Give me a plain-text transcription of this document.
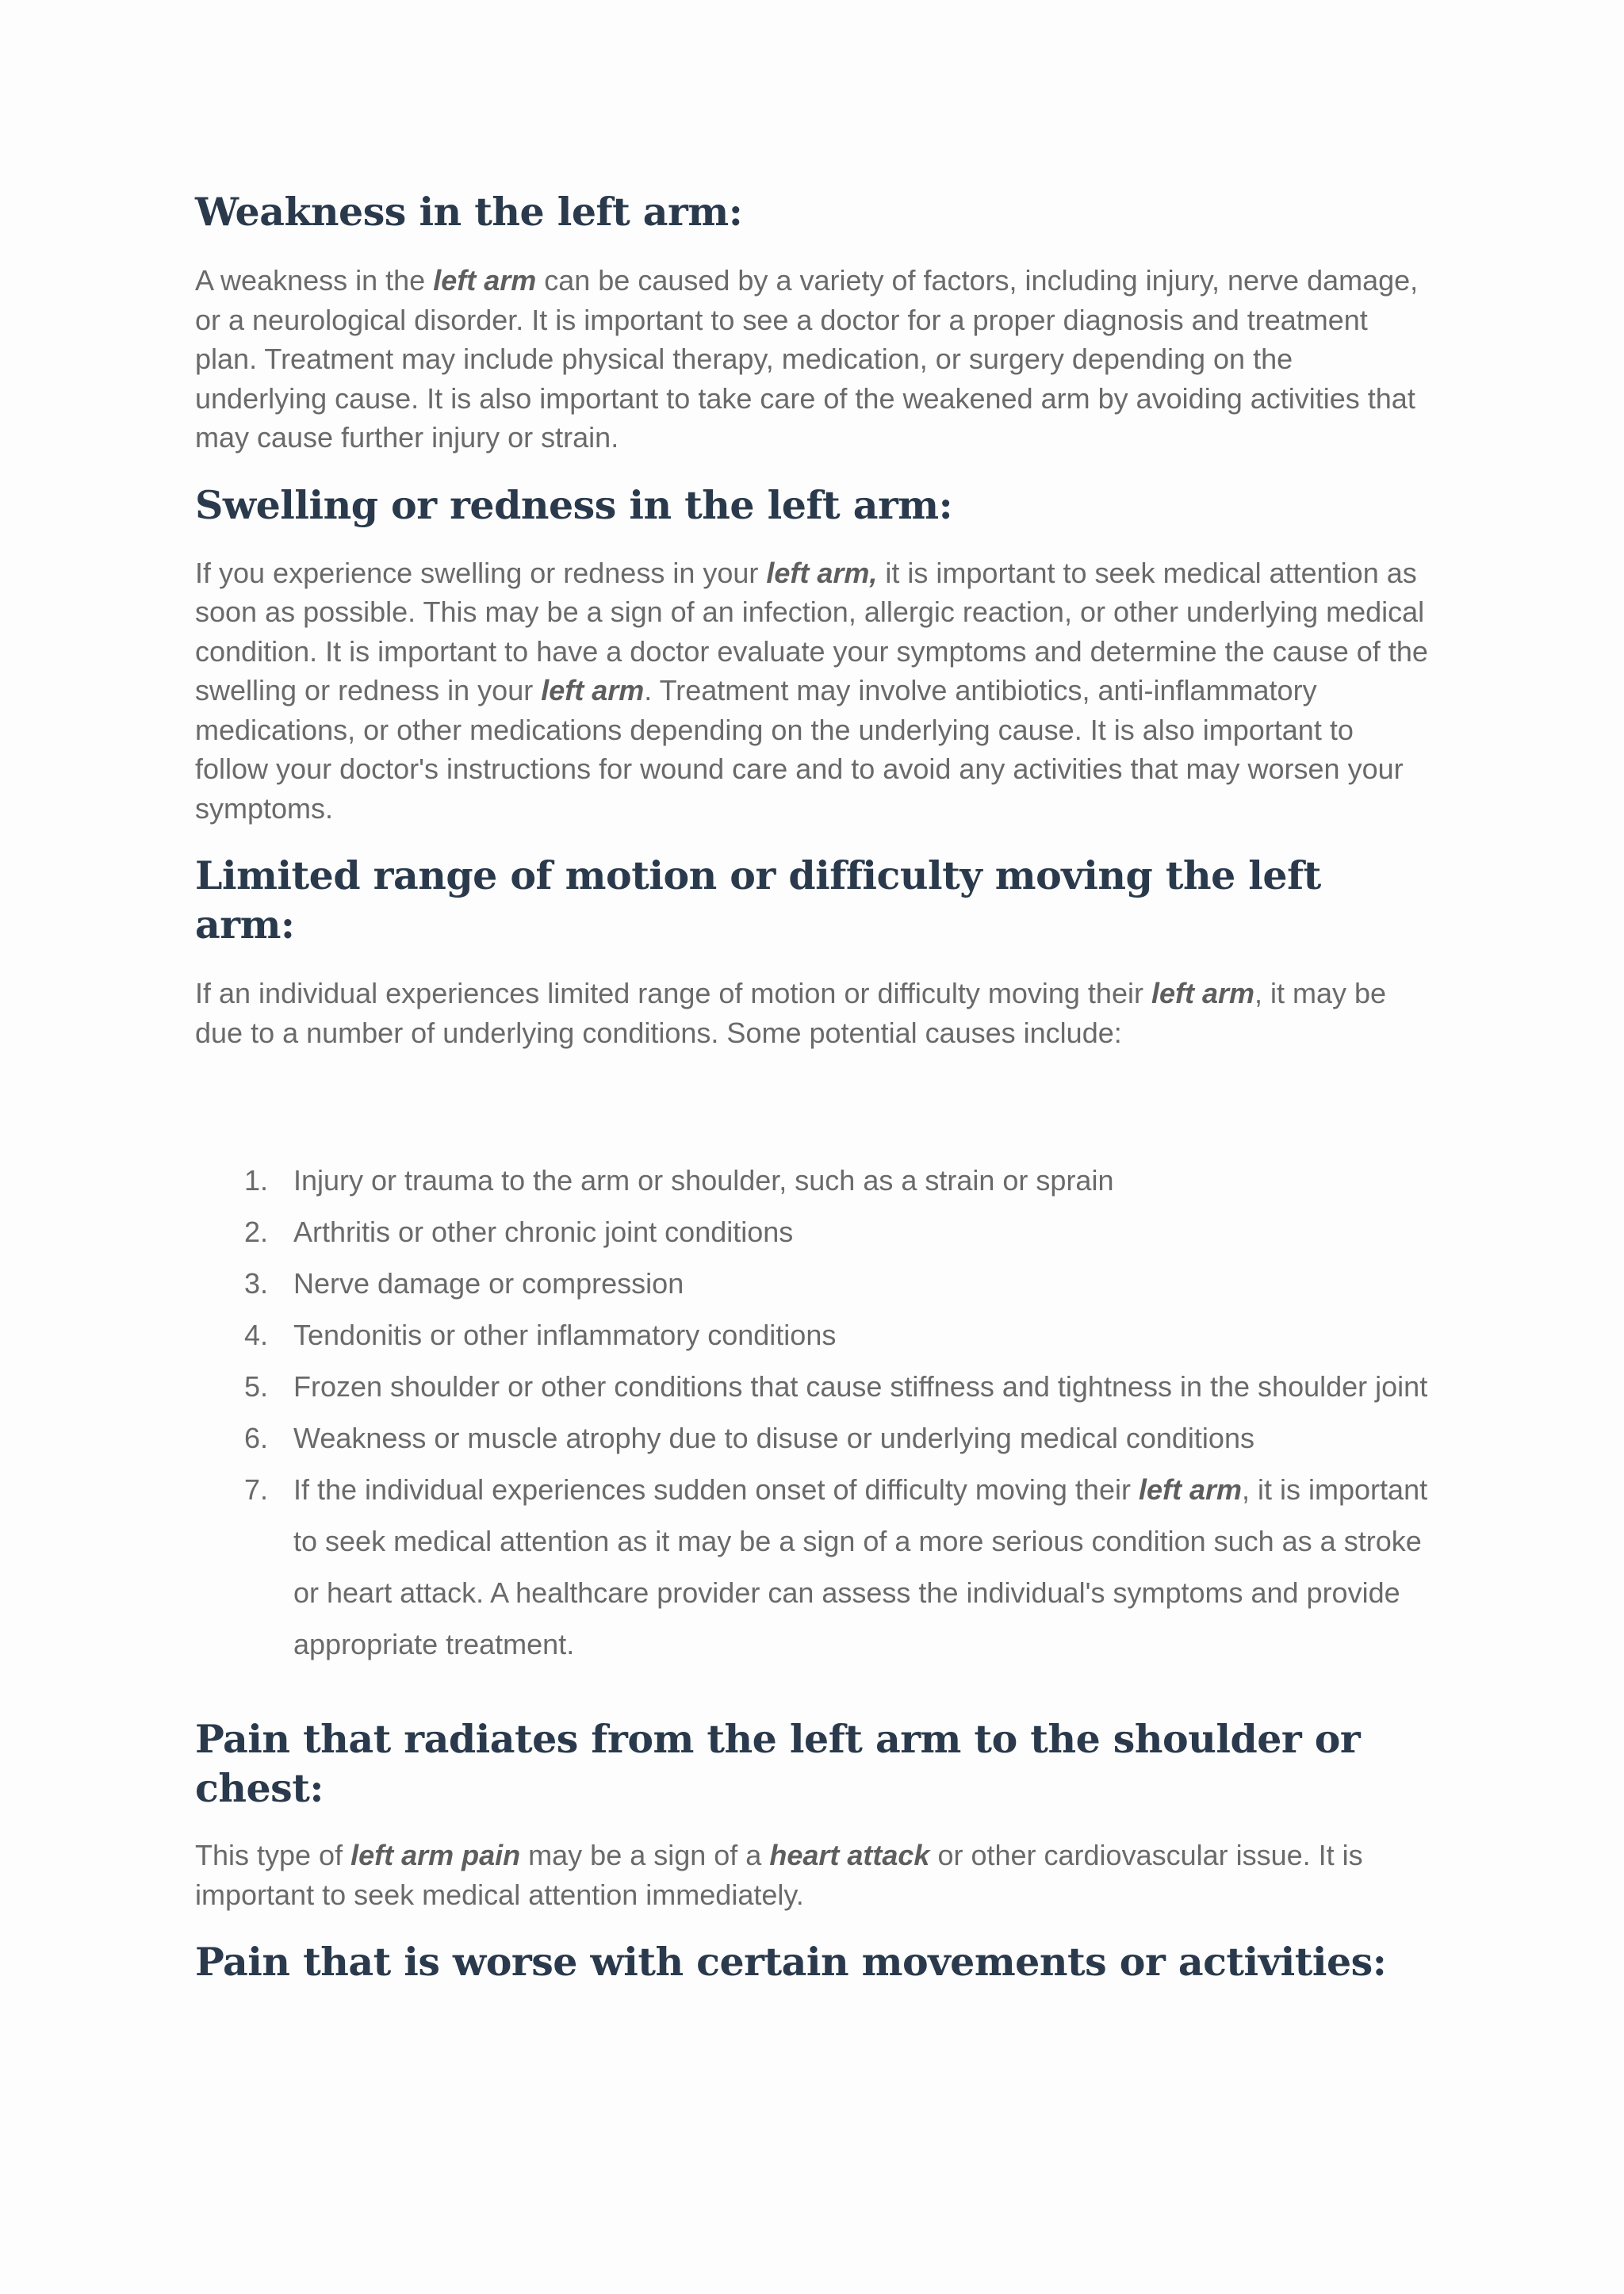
Weakness in the left arm:

A weakness in the left arm can be caused by a variety of factors, including injury, nerve damage, or a neurological disorder. It is important to see a doctor for a proper diagnosis and treatment plan. Treatment may include physical therapy, medication, or surgery depending on the underlying cause. It is also important to take care of the weakened arm by avoiding activities that may cause further injury or strain.

Swelling or redness in the left arm:

If you experience swelling or redness in your left arm, it is important to seek medical attention as soon as possible. This may be a sign of an infection, allergic reaction, or other underlying medical condition. It is important to have a doctor evaluate your symptoms and determine the cause of the swelling or redness in your left arm. Treatment may involve antibiotics, anti-inflammatory medications, or other medications depending on the underlying cause. It is also important to follow your doctor's instructions for wound care and to avoid any activities that may worsen your symptoms.

Limited range of motion or difficulty moving the left arm:

If an individual experiences limited range of motion or difficulty moving their left arm, it may be due to a number of underlying conditions. Some potential causes include:

1. Injury or trauma to the arm or shoulder, such as a strain or sprain
2. Arthritis or other chronic joint conditions
3. Nerve damage or compression
4. Tendonitis or other inflammatory conditions
5. Frozen shoulder or other conditions that cause stiffness and tightness in the shoulder joint
6. Weakness or muscle atrophy due to disuse or underlying medical conditions
7. If the individual experiences sudden onset of difficulty moving their left arm, it is important to seek medical attention as it may be a sign of a more serious condition such as a stroke or heart attack. A healthcare provider can assess the individual's symptoms and provide appropriate treatment.
Pain that radiates from the left arm to the shoulder or chest:

This type of left arm pain may be a sign of a heart attack or other cardiovascular issue. It is important to seek medical attention immediately.

Pain that is worse with certain movements or activities:
